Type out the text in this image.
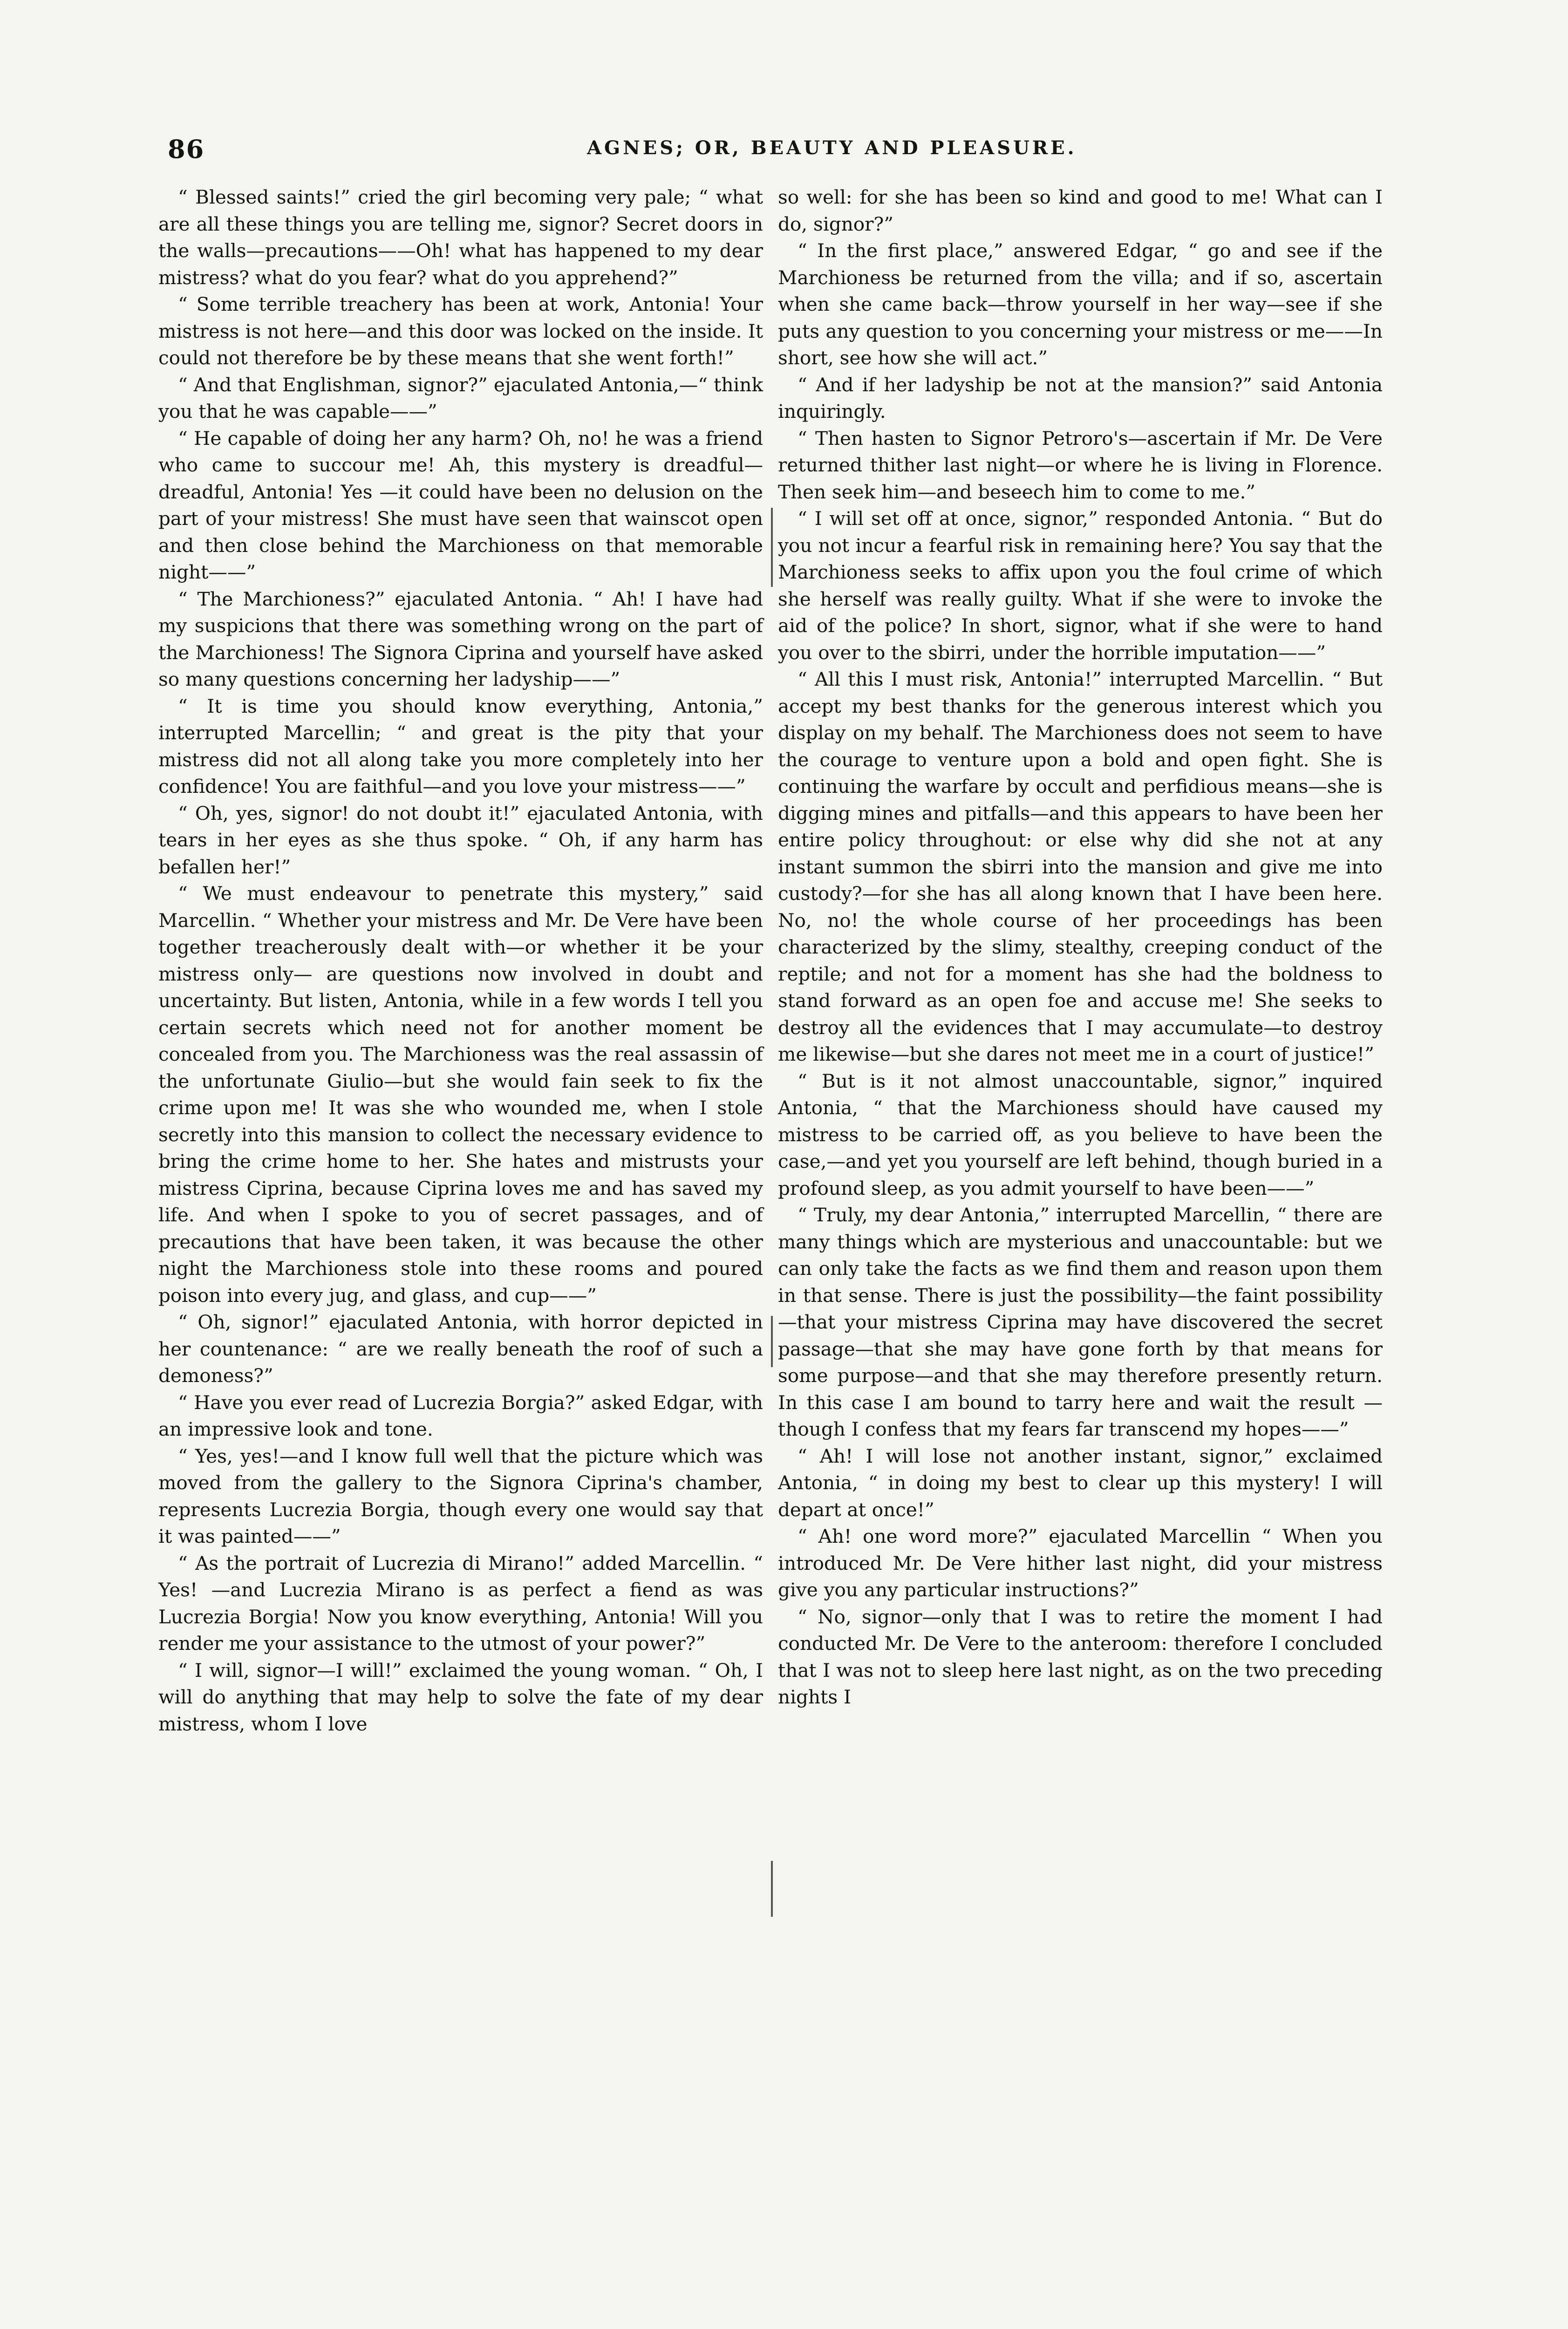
86	AGNES; OR, BEAUTY AND PLEASURE.

“ Blessed saints!” cried the girl becoming very pale; “ what are all these things you are telling me, signor? Secret doors in the walls—precautions——Oh! what has happened to my dear mistress? what do you fear? what do you apprehend?”

“ Some terrible treachery has been at work, Antonia! Your mistress is not here—and this door was locked on the inside. It could not therefore be by these means that she went forth!”

“ And that Englishman, signor?” ejaculated Antonia,—“ think you that he was capable——”

“ He capable of doing her any harm? Oh, no! he was a friend who came to succour me! Ah, this mystery is dreadful—dreadful, Antonia! Yes —it could have been no delusion on the part of your mistress! She must have seen that wainscot open and then close behind the Marchioness on that memorable night——”

“ The Marchioness?” ejaculated Antonia. “ Ah! I have had my suspicions that there was something wrong on the part of the Marchioness! The Signora Ciprina and yourself have asked so many questions concerning her ladyship——”

“ It is time you should know everything, Antonia,” interrupted Marcellin; “ and great is the pity that your mistress did not all along take you more completely into her confidence! You are faithful—and you love your mistress——”

“ Oh, yes, signor! do not doubt it!” ejaculated Antonia, with tears in her eyes as she thus spoke. “ Oh, if any harm has befallen her!”

“ We must endeavour to penetrate this mystery,” said Marcellin. “ Whether your mistress and Mr. De Vere have been together treacherously dealt with—or whether it be your mistress only— are questions now involved in doubt and uncertainty. But listen, Antonia, while in a few words I tell you certain secrets which need not for another moment be concealed from you. The Marchioness was the real assassin of the unfortunate Giulio—but she would fain seek to fix the crime upon me! It was she who wounded me, when I stole secretly into this mansion to collect the necessary evidence to bring the crime home to her. She hates and mistrusts your mistress Ciprina, because Ciprina loves me and has saved my life. And when I spoke to you of secret passages, and of precautions that have been taken, it was because the other night the Marchioness stole into these rooms and poured poison into every jug, and glass, and cup——”

“ Oh, signor!” ejaculated Antonia, with horror depicted in her countenance: “ are we really beneath the roof of such a demoness?”

“ Have you ever read of Lucrezia Borgia?” asked Edgar, with an impressive look and tone.

“ Yes, yes!—and I know full well that the picture which was moved from the gallery to the Signora Ciprina's chamber, represents Lucrezia Borgia, though every one would say that it was painted——”

“ As the portrait of Lucrezia di Mirano!” added Marcellin. “ Yes! —and Lucrezia Mirano is as perfect a fiend as was Lucrezia Borgia! Now you know everything, Antonia! Will you render me your assistance to the utmost of your power?”

“ I will, signor—I will!” exclaimed the young woman. “ Oh, I will do anything that may help to solve the fate of my dear mistress, whom I love

so well: for she has been so kind and good to me! What can I do, signor?”

“ In the first place,” answered Edgar, “ go and see if the Marchioness be returned from the villa; and if so, ascertain when she came back—throw yourself in her way—see if she puts any question to you concerning your mistress or me——In short, see how she will act.”

“ And if her ladyship be not at the mansion?” said Antonia inquiringly.

“ Then hasten to Signor Petroro's—ascertain if Mr. De Vere returned thither last night—or where he is living in Florence. Then seek him—and beseech him to come to me.”

“ I will set off at once, signor,” responded Antonia. “ But do you not incur a fearful risk in remaining here? You say that the Marchioness seeks to affix upon you the foul crime of which she herself was really guilty. What if she were to invoke the aid of the police? In short, signor, what if she were to hand you over to the sbirri, under the horrible imputation——”

“ All this I must risk, Antonia!” interrupted Marcellin. “ But accept my best thanks for the generous interest which you display on my behalf. The Marchioness does not seem to have the courage to venture upon a bold and open fight. She is continuing the warfare by occult and perfidious means—she is digging mines and pitfalls—and this appears to have been her entire policy throughout: or else why did she not at any instant summon the sbirri into the mansion and give me into custody?—for she has all along known that I have been here. No, no! the whole course of her proceedings has been characterized by the slimy, stealthy, creeping conduct of the reptile; and not for a moment has she had the boldness to stand forward as an open foe and accuse me! She seeks to destroy all the evidences that I may accumulate—to destroy me likewise—but she dares not meet me in a court of justice!”

“ But is it not almost unaccountable, signor,” inquired Antonia, “ that the Marchioness should have caused my mistress to be carried off, as you believe to have been the case,—and yet you yourself are left behind, though buried in a profound sleep, as you admit yourself to have been——”

“ Truly, my dear Antonia,” interrupted Marcellin, “ there are many things which are mysterious and unaccountable: but we can only take the facts as we find them and reason upon them in that sense. There is just the possibility—the faint possibility—that your mistress Ciprina may have discovered the secret passage—that she may have gone forth by that means for some purpose—and that she may therefore presently return. In this case I am bound to tarry here and wait the result —though I confess that my fears far transcend my hopes——”

“ Ah! I will lose not another instant, signor,” exclaimed Antonia, “ in doing my best to clear up this mystery! I will depart at once!”

“ Ah! one word more?” ejaculated Marcellin “ When you introduced Mr. De Vere hither last night, did your mistress give you any particular instructions?”

“ No, signor—only that I was to retire the moment I had conducted Mr. De Vere to the anteroom: therefore I concluded that I was not to sleep here last night, as on the two preceding nights I
